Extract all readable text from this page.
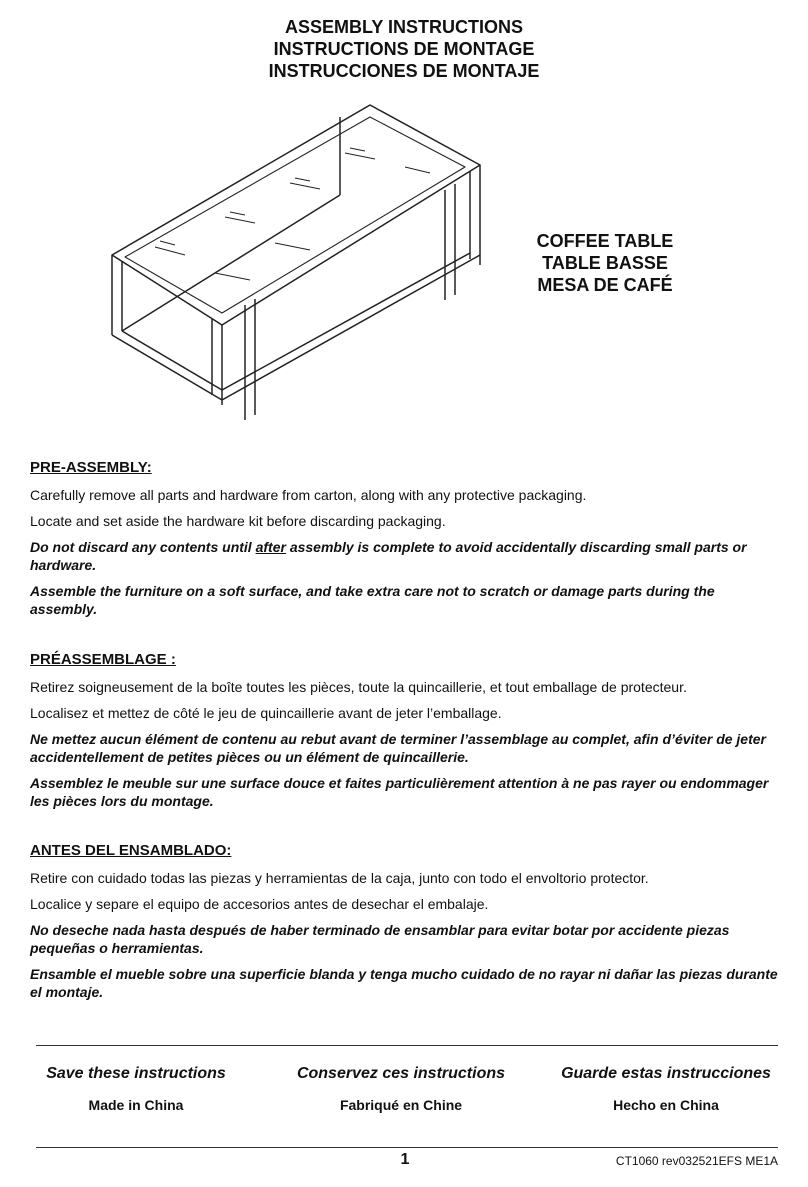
ASSEMBLY INSTRUCTIONS
INSTRUCTIONS DE MONTAGE
INSTRUCCIONES DE MONTAJE
COFFEE TABLE
TABLE BASSE
MESA DE CAFÉ
PRE-ASSEMBLY:

Carefully remove all parts and hardware from carton, along with any protective packaging.

Locate and set aside the hardware kit before discarding packaging.

Do not discard any contents until after assembly is complete to avoid accidentally discarding small parts or hardware.

Assemble the furniture on a soft surface, and take extra care not to scratch or damage parts during the assembly.

PRÉASSEMBLAGE :

Retirez soigneusement de la boîte toutes les pièces, toute la quincaillerie, et tout emballage de protecteur.

Localisez et mettez de côté le jeu de quincaillerie avant de jeter l’emballage.

Ne mettez aucun élément de contenu au rebut avant de terminer l’assemblage au complet, afin d’éviter de jeter accidentellement de petites pièces ou un élément de quincaillerie.

Assemblez le meuble sur une surface douce et faites particulièrement attention à ne pas rayer ou endommager les pièces lors du montage.

ANTES DEL ENSAMBLADO:

Retire con cuidado todas las piezas y herramientas de la caja, junto con todo el envoltorio protector.

Localice y separe el equipo de accesorios antes de desechar el embalaje.

No deseche nada hasta después de haber terminado de ensamblar para evitar botar por accidente piezas pequeñas o herramientas.

Ensamble el mueble sobre una superficie blanda y tenga mucho cuidado de no rayar ni dañar las piezas durante el montaje.

Save these instructions
Made in China
Conservez ces instructions
Fabriqué en Chine
Guarde estas instrucciones
Hecho en China
1	CT1060 rev032521EFS ME1A
